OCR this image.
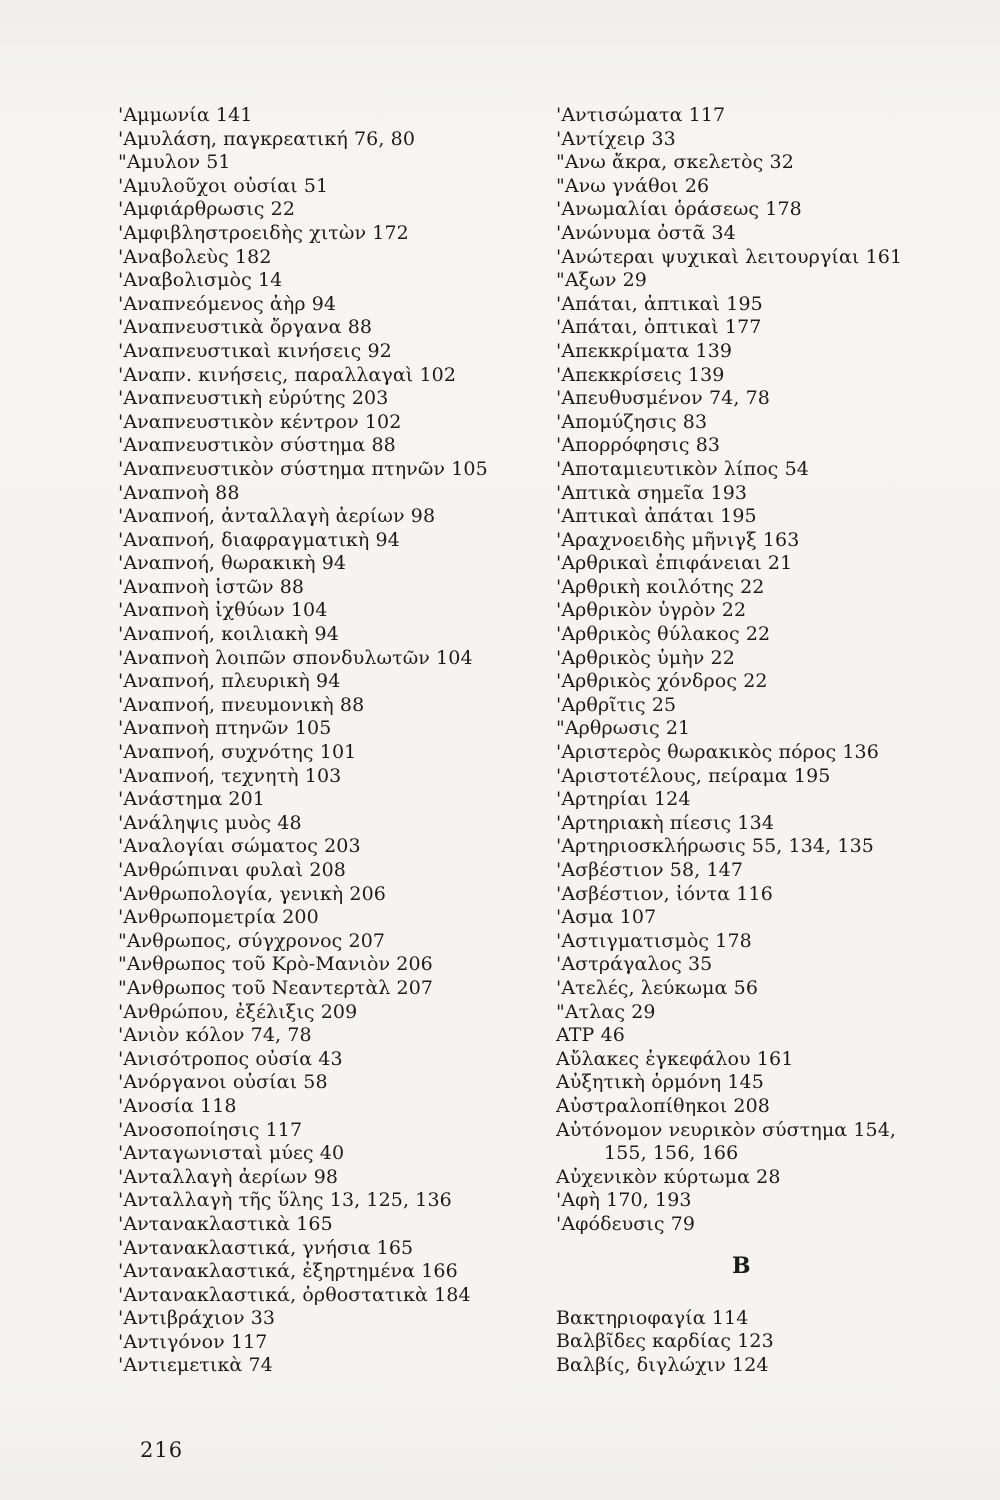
'Αμμωνία 141
'Αμυλάση, παγκρεατική 76, 80
"Αμυλον 51
'Αμυλοῦχοι οὐσίαι 51
'Αμφιάρθρωσις 22
'Αμφιβληστροειδὴς χιτὼν 172
'Αναβολεὺς 182
'Αναβολισμὸς 14
'Αναπνεόμενος ἀὴρ 94
'Αναπνευστικὰ ὄργανα 88
'Αναπνευστικαὶ κινήσεις 92
'Αναπν. κινήσεις, παραλλαγαὶ 102
'Αναπνευστικὴ εὐρύτης 203
'Αναπνευστικὸν κέντρον 102
'Αναπνευστικὸν σύστημα 88
'Αναπνευστικὸν σύστημα πτηνῶν 105
'Αναπνοὴ 88
'Αναπνοή, ἀνταλλαγὴ ἀερίων 98
'Αναπνοή, διαφραγματικὴ 94
'Αναπνοή, θωρακικὴ 94
'Αναπνοὴ ἱστῶν 88
'Αναπνοὴ ἰχθύων 104
'Αναπνοή, κοιλιακὴ 94
'Αναπνοὴ λοιπῶν σπονδυλωτῶν 104
'Αναπνοή, πλευρικὴ 94
'Αναπνοή, πνευμονικὴ 88
'Αναπνοὴ πτηνῶν 105
'Αναπνοή, συχνότης 101
'Αναπνοή, τεχνητὴ 103
'Ανάστημα 201
'Ανάληψις μυὸς 48
'Αναλογίαι σώματος 203
'Ανθρώπιναι φυλαὶ 208
'Ανθρωπολογία, γενικὴ 206
'Ανθρωπομετρία 200
"Ανθρωπος, σύγχρονος 207
"Ανθρωπος τοῦ Κρὸ-Μανιὸν 206
"Ανθρωπος τοῦ Νεαντερτὰλ 207
'Ανθρώπου, ἐξέλιξις 209
'Ανιὸν κόλον 74, 78
'Ανισότροπος οὐσία 43
'Ανόργανοι οὐσίαι 58
'Ανοσία 118
'Ανοσοποίησις 117
'Ανταγωνισταὶ μύες 40
'Ανταλλαγὴ ἀερίων 98
'Ανταλλαγὴ τῆς ὕλης 13, 125, 136
'Αντανακλαστικὰ 165
'Αντανακλαστικά, γνήσια 165
'Αντανακλαστικά, ἐξηρτημένα 166
'Αντανακλαστικά, ὀρθοστατικὰ 184
'Αντιβράχιον 33
'Αντιγόνον 117
'Αντιεμετικὰ 74
'Αντισώματα 117
'Αντίχειρ 33
"Ανω ἄκρα, σκελετὸς 32
"Ανω γνάθοι 26
'Ανωμαλίαι ὁράσεως 178
'Ανώνυμα ὀστᾶ 34
'Ανώτεραι ψυχικαὶ λειτουργίαι 161
"Αξων 29
'Απάται, ἀπτικαὶ 195
'Απάται, ὀπτικαὶ 177
'Απεκκρίματα 139
'Απεκκρίσεις 139
'Απευθυσμένον 74, 78
'Απομύζησις 83
'Απορρόφησις 83
'Αποταμιευτικὸν λίπος 54
'Απτικὰ σημεῖα 193
'Απτικαὶ ἀπάται 195
'Αραχνοειδὴς μῆνιγξ 163
'Αρθρικαὶ ἐπιφάνειαι 21
'Αρθρικὴ κοιλότης 22
'Αρθρικὸν ὑγρὸν 22
'Αρθρικὸς θύλακος 22
'Αρθρικὸς ὑμὴν 22
'Αρθρικὸς χόνδρος 22
'Αρθρῖτις 25
"Αρθρωσις 21
'Αριστερὸς θωρακικὸς πόρος 136
'Αριστοτέλους, πείραμα 195
'Αρτηρίαι 124
'Αρτηριακὴ πίεσις 134
'Αρτηριοσκλήρωσις 55, 134, 135
'Ασβέστιον 58, 147
'Ασβέστιον, ἰόντα 116
'Ασμα 107
'Αστιγματισμὸς 178
'Αστράγαλος 35
'Ατελές, λεύκωμα 56
"Ατλας 29
ATP 46
Αὔλακες ἐγκεφάλου 161
Αὐξητικὴ ὁρμόνη 145
Αὐστραλοπίθηκοι 208
Αὐτόνομον νευρικὸν σύστημα 154,
155, 156, 166
Αὐχενικὸν κύρτωμα 28
'Αφὴ 170, 193
'Αφόδευσις 79
B
Βακτηριοφαγία 114
Βαλβῖδες καρδίας 123
Βαλβίς, διγλώχιν 124
216
